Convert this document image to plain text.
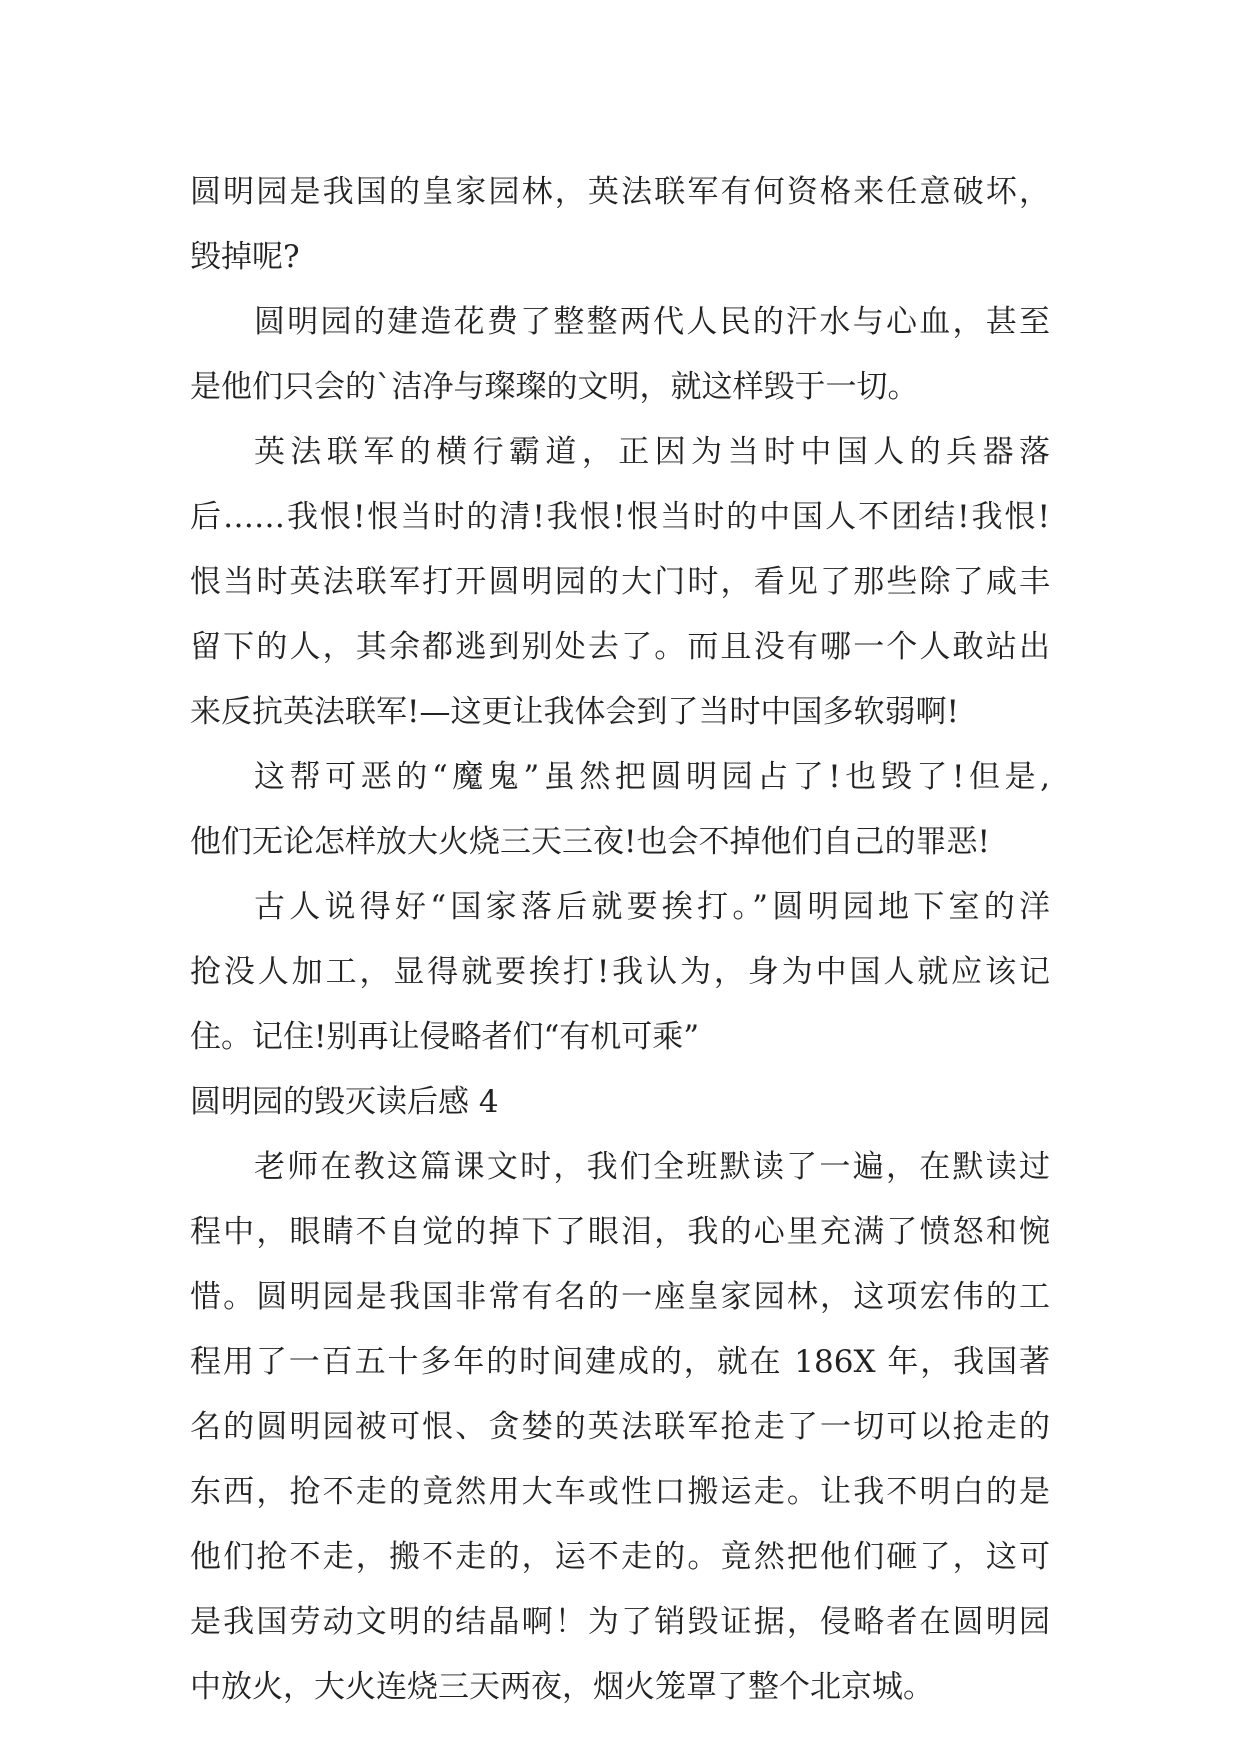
圆明园是我国的皇家园林，英法联军有何资格来任意破坏，
毁掉呢?
圆明园的建造花费了整整两代人民的汗水与心血，甚至
是他们只会的`洁净与璨璨的文明，就这样毁于一切。
英法联军的横行霸道，正因为当时中国人的兵器落
后……我恨!恨当时的清!我恨!恨当时的中国人不团结!我恨!
恨当时英法联军打开圆明园的大门时，看见了那些除了咸丰
留下的人，其余都逃到别处去了。而且没有哪一个人敢站出
来反抗英法联军!—这更让我体会到了当时中国多软弱啊!
这帮可恶的“魔鬼”虽然把圆明园占了!也毁了!但是,
他们无论怎样放大火烧三天三夜!也会不掉他们自己的罪恶!
古人说得好“国家落后就要挨打。”圆明园地下室的洋
抢没人加工，显得就要挨打!我认为，身为中国人就应该记
住。记住!别再让侵略者们“有机可乘”
圆明园的毁灭读后感 4
老师在教这篇课文时，我们全班默读了一遍，在默读过
程中，眼睛不自觉的掉下了眼泪，我的心里充满了愤怒和惋
惜。圆明园是我国非常有名的一座皇家园林，这项宏伟的工
程用了一百五十多年的时间建成的，就在 186X 年，我国著
名的圆明园被可恨、贪婪的英法联军抢走了一切可以抢走的
东西，抢不走的竟然用大车或性口搬运走。让我不明白的是
他们抢不走，搬不走的，运不走的。竟然把他们砸了，这可
是我国劳动文明的结晶啊！为了销毁证据，侵略者在圆明园
中放火，大火连烧三天两夜，烟火笼罩了整个北京城。
